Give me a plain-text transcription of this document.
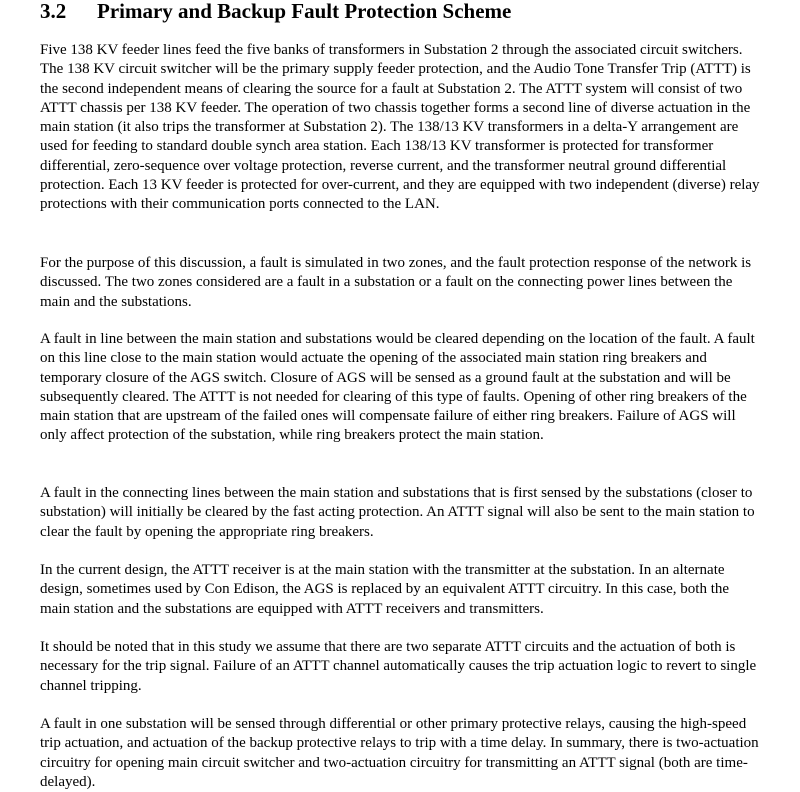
3.2 Primary and Backup Fault Protection Scheme

Five 138 KV feeder lines feed the five banks of transformers in Substation 2 through the associated circuit switchers. The 138 KV circuit switcher will be the primary supply feeder protection, and the Audio Tone Transfer Trip (ATTT) is the second independent means of clearing the source for a fault at Substation 2. The ATTT system will consist of two ATTT chassis per 138 KV feeder. The operation of two chassis together forms a second line of diverse actuation in the main station (it also trips the transformer at Substation 2). The 138/13 KV transformers in a delta-Y arrangement are used for feeding to standard double synch area station. Each 138/13 KV transformer is protected for transformer differential, zero-sequence over voltage protection, reverse current, and the transformer neutral ground differential protection. Each 13 KV feeder is protected for over-current, and they are equipped with two independent (diverse) relay protections with their communication ports connected to the LAN.

For the purpose of this discussion, a fault is simulated in two zones, and the fault protection response of the network is discussed. The two zones considered are a fault in a substation or a fault on the connecting power lines between the main and the substations.

A fault in line between the main station and substations would be cleared depending on the location of the fault. A fault on this line close to the main station would actuate the opening of the associated main station ring breakers and temporary closure of the AGS switch. Closure of AGS will be sensed as a ground fault at the substation and will be subsequently cleared. The ATTT is not needed for clearing of this type of faults. Opening of other ring breakers of the main station that are upstream of the failed ones will compensate failure of either ring breakers. Failure of AGS will only affect protection of the substation, while ring breakers protect the main station.

A fault in the connecting lines between the main station and substations that is first sensed by the substations (closer to substation) will initially be cleared by the fast acting protection. An ATTT signal will also be sent to the main station to clear the fault by opening the appropriate ring breakers.

In the current design, the ATTT receiver is at the main station with the transmitter at the substation. In an alternate design, sometimes used by Con Edison, the AGS is replaced by an equivalent ATTT circuitry. In this case, both the main station and the substations are equipped with ATTT receivers and transmitters.

It should be noted that in this study we assume that there are two separate ATTT circuits and the actuation of both is necessary for the trip signal. Failure of an ATTT channel automatically causes the trip actuation logic to revert to single channel tripping.

A fault in one substation will be sensed through differential or other primary protective relays, causing the high-speed trip actuation, and actuation of the backup protective relays to trip with a time delay. In summary, there is two-actuation circuitry for opening main circuit switcher and two-actuation circuitry for transmitting an ATTT signal (both are time-delayed).
